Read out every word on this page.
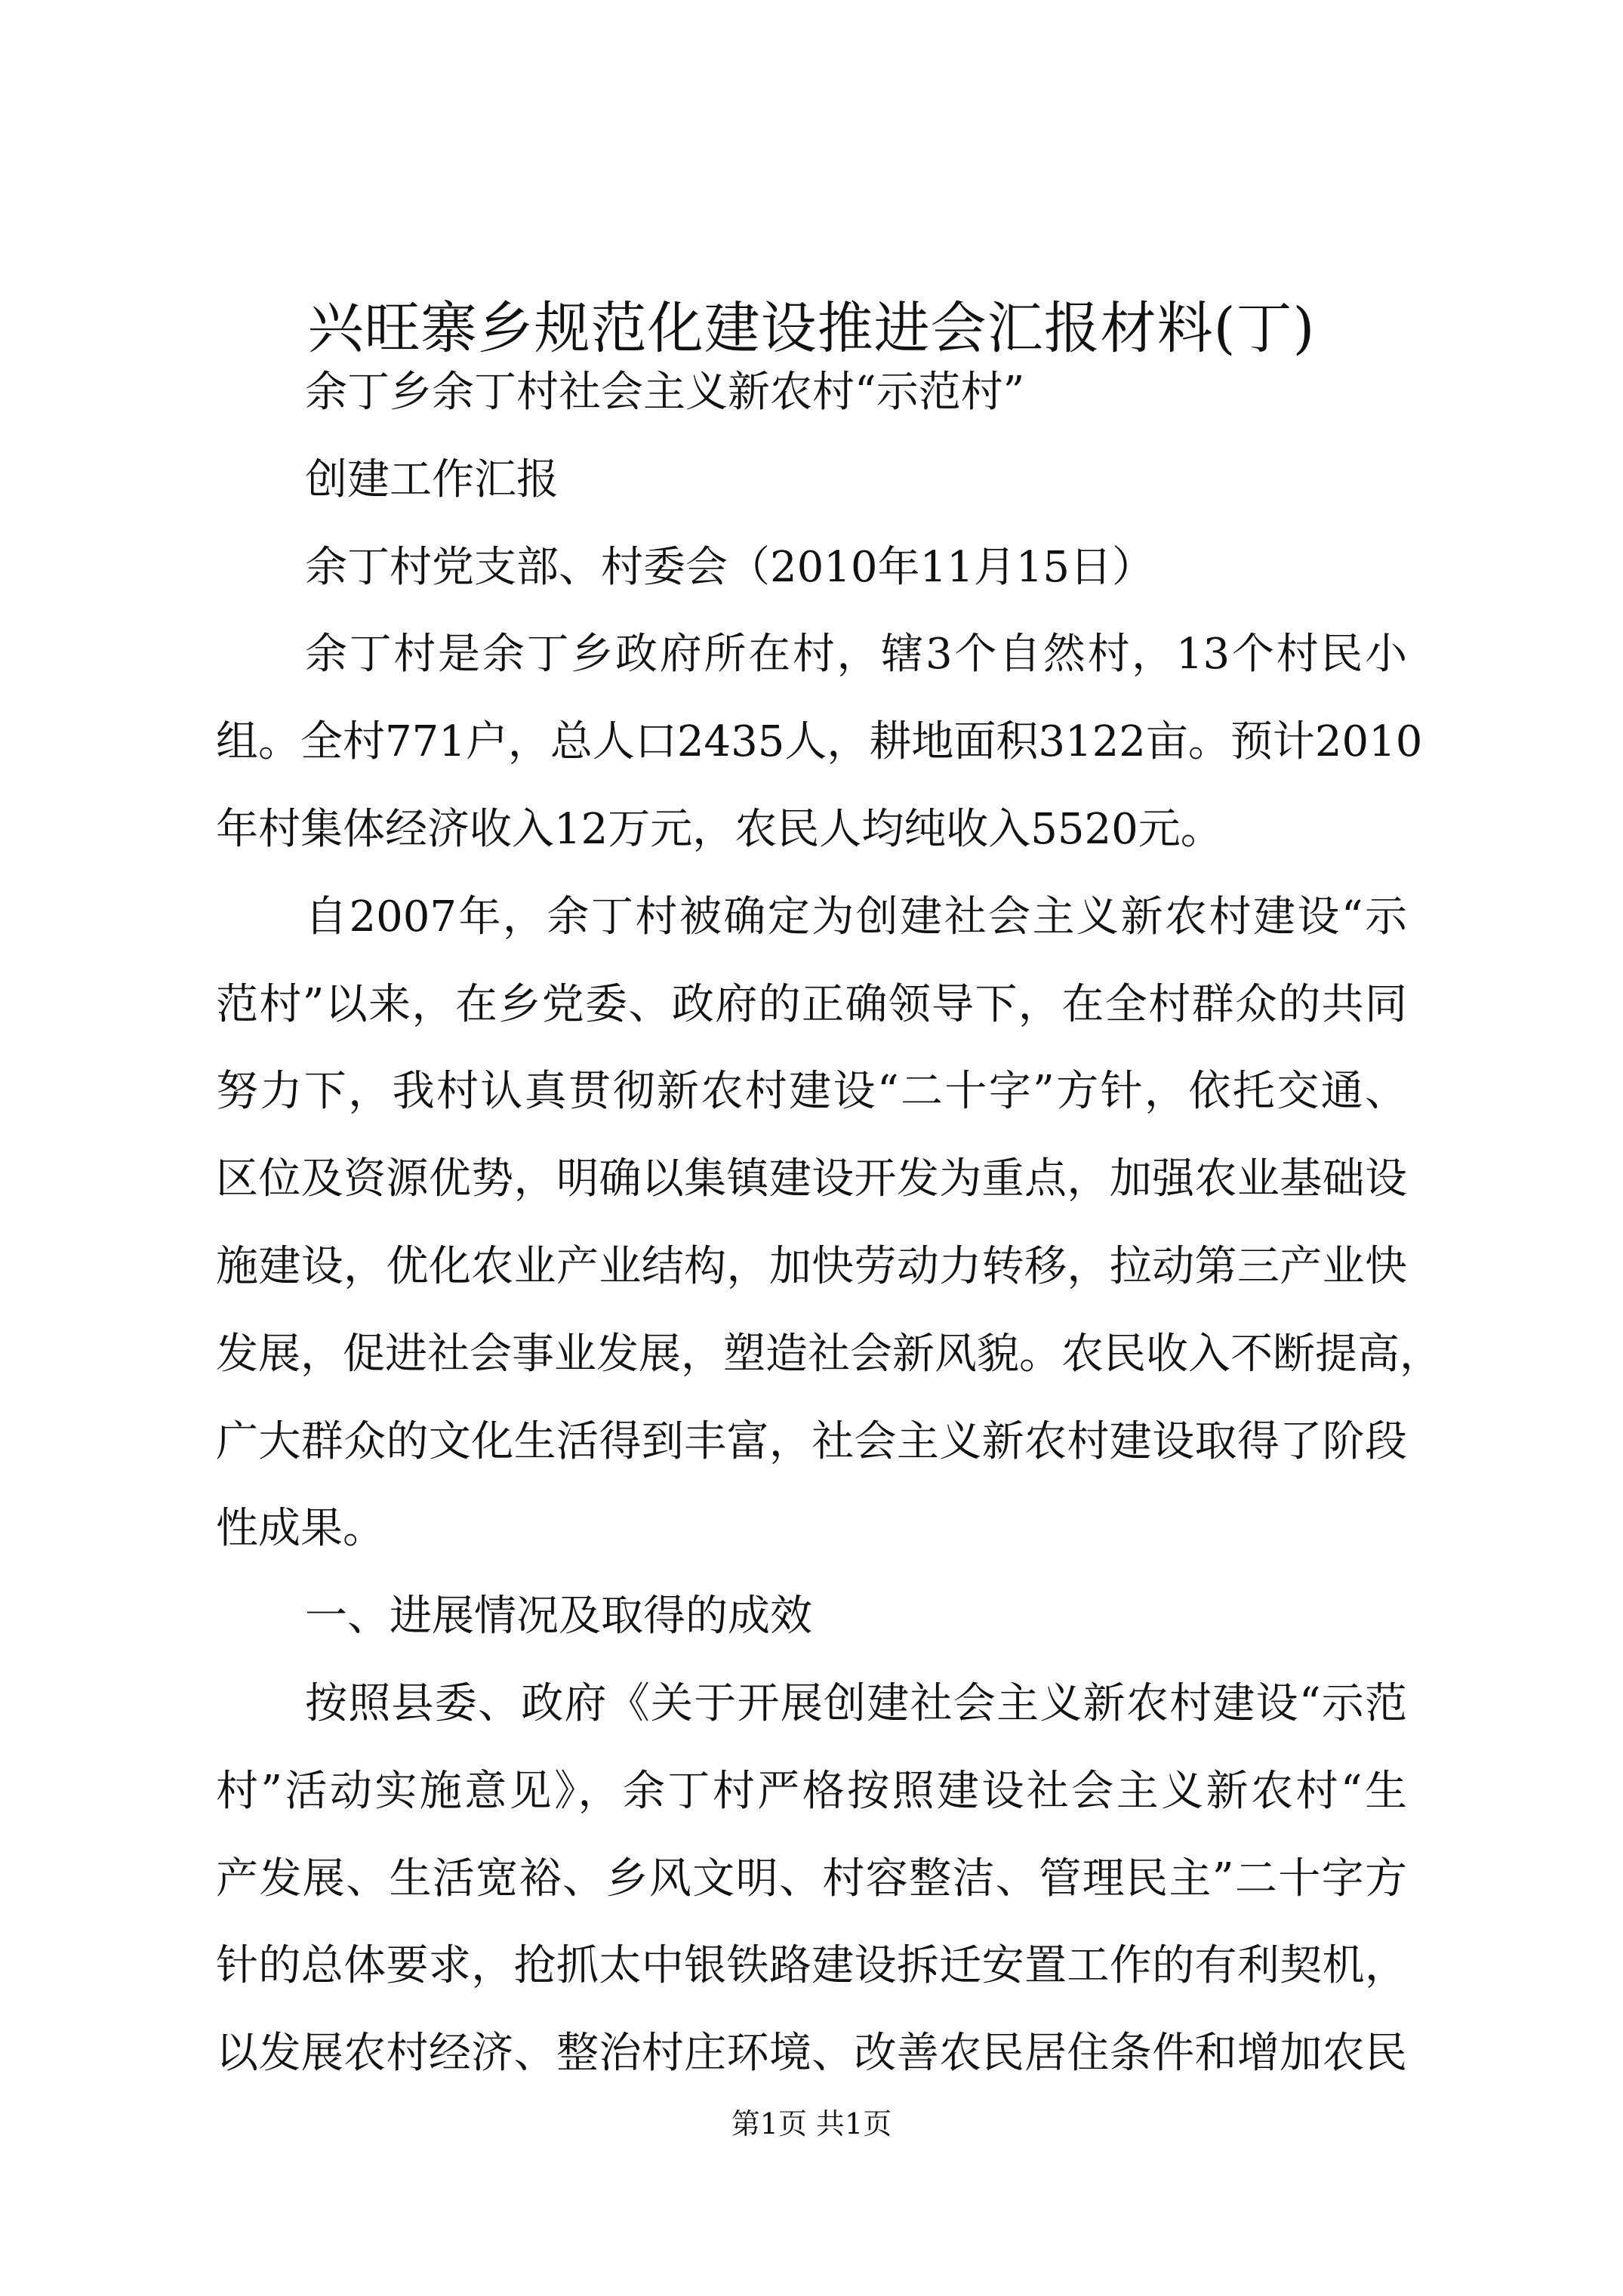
兴旺寨乡规范化建设推进会汇报材料(丁)
余丁乡余丁村社会主义新农村“示范村”
创建工作汇报
余丁村党支部、村委会（2010年11月15日）
余丁村是余丁乡政府所在村，辖3个自然村，13个村民小
组。全村771户，总人口2435人，耕地面积3122亩。预计2010
年村集体经济收入12万元，农民人均纯收入5520元。
自2007年，余丁村被确定为创建社会主义新农村建设“示
范村”以来，在乡党委、政府的正确领导下，在全村群众的共同
努力下，我村认真贯彻新农村建设“二十字”方针，依托交通、
区位及资源优势，明确以集镇建设开发为重点，加强农业基础设
施建设，优化农业产业结构，加快劳动力转移，拉动第三产业快
发展，促进社会事业发展，塑造社会新风貌。农民收入不断提高，
广大群众的文化生活得到丰富，社会主义新农村建设取得了阶段
性成果。
一、进展情况及取得的成效
按照县委、政府《关于开展创建社会主义新农村建设“示范
村”活动实施意见》，余丁村严格按照建设社会主义新农村“生
产发展、生活宽裕、乡风文明、村容整洁、管理民主”二十字方
针的总体要求，抢抓太中银铁路建设拆迁安置工作的有利契机，
以发展农村经济、整治村庄环境、改善农民居住条件和增加农民
第1页 共1页
